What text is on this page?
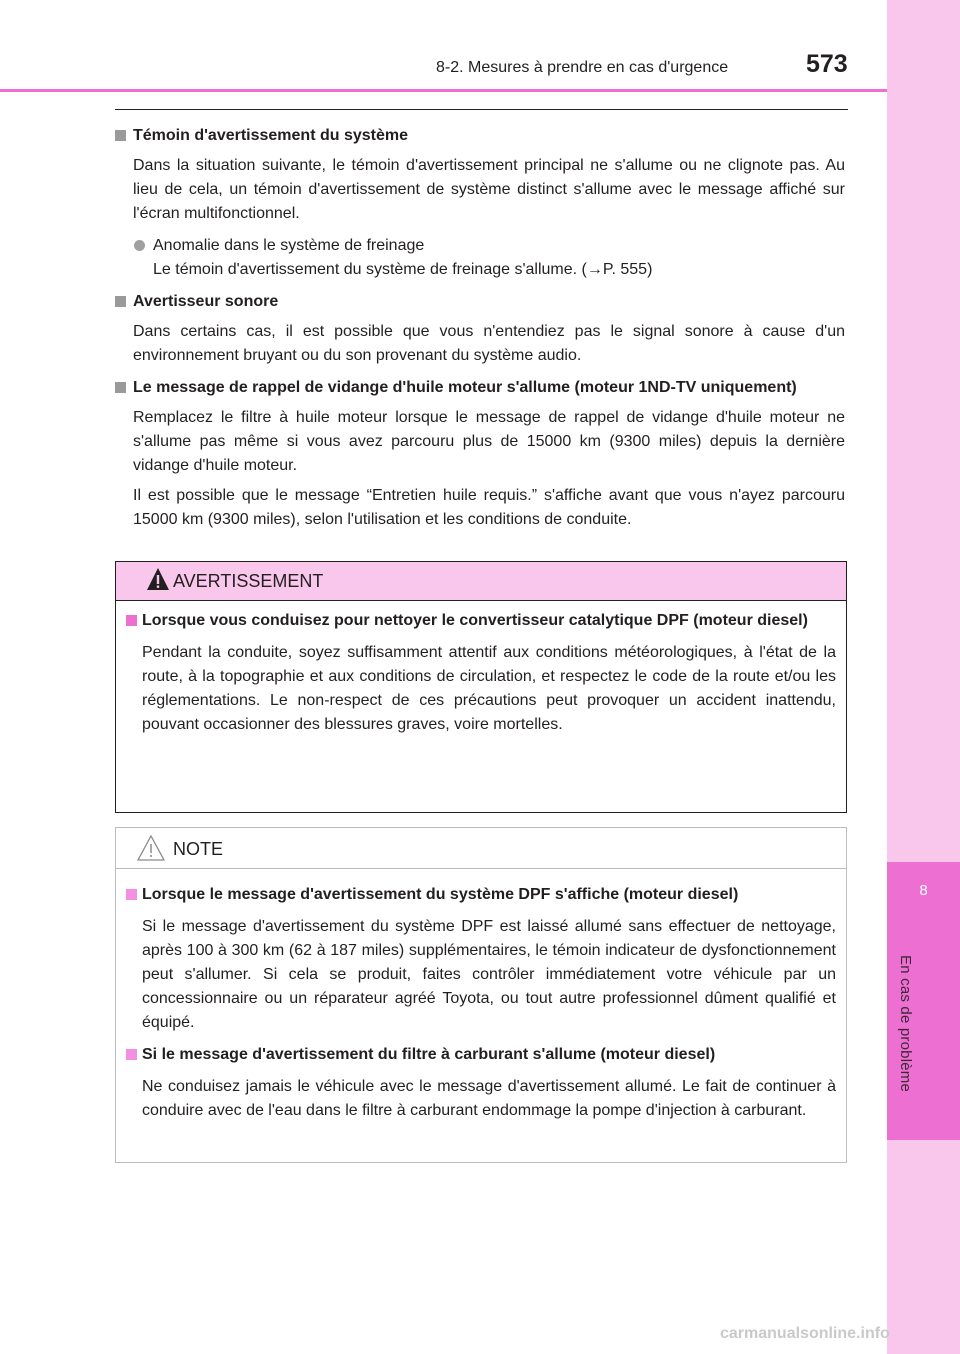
8
En cas de problème
8-2. Mesures à prendre en cas d'urgence	573
Témoin d'avertissement du système
Dans la situation suivante, le témoin d'avertissement principal ne s'allume ou ne clignote pas. Au lieu de cela, un témoin d'avertissement de système distinct s'allume avec le message affiché sur l'écran multifonctionnel.
Anomalie dans le système de freinage
Le témoin d'avertissement du système de freinage s'allume. (→P. 555)
Avertisseur sonore
Dans certains cas, il est possible que vous n'entendiez pas le signal sonore à cause d'un environnement bruyant ou du son provenant du système audio.
Le message de rappel de vidange d'huile moteur s'allume (moteur 1ND-TV uniquement)
Remplacez le filtre à huile moteur lorsque le message de rappel de vidange d'huile moteur ne s'allume pas même si vous avez parcouru plus de 15000 km (9300 miles) depuis la dernière vidange d'huile moteur.
Il est possible que le message “Entretien huile requis.” s'affiche avant que vous n'ayez parcouru 15000 km (9300 miles), selon l'utilisation et les conditions de conduite.
AVERTISSEMENT
Lorsque vous conduisez pour nettoyer le convertisseur catalytique DPF (moteur diesel)
Pendant la conduite, soyez suffisamment attentif aux conditions météorologiques, à l'état de la route, à la topographie et aux conditions de circulation, et respectez le code de la route et/ou les réglementations. Le non-respect de ces précautions peut provoquer un accident inattendu, pouvant occasionner des blessures graves, voire mortelles.
NOTE
Lorsque le message d'avertissement du système DPF s'affiche (moteur diesel)
Si le message d'avertissement du système DPF est laissé allumé sans effectuer de nettoyage, après 100 à 300 km (62 à 187 miles) supplémentaires, le témoin indicateur de dysfonctionnement peut s'allumer. Si cela se produit, faites contrôler immédiatement votre véhicule par un concessionnaire ou un réparateur agréé Toyota, ou tout autre professionnel dûment qualifié et équipé.
Si le message d'avertissement du filtre à carburant s'allume (moteur diesel)
Ne conduisez jamais le véhicule avec le message d'avertissement allumé. Le fait de continuer à conduire avec de l'eau dans le filtre à carburant endommage la pompe d'injection à carburant.
carmanualsonline.info
